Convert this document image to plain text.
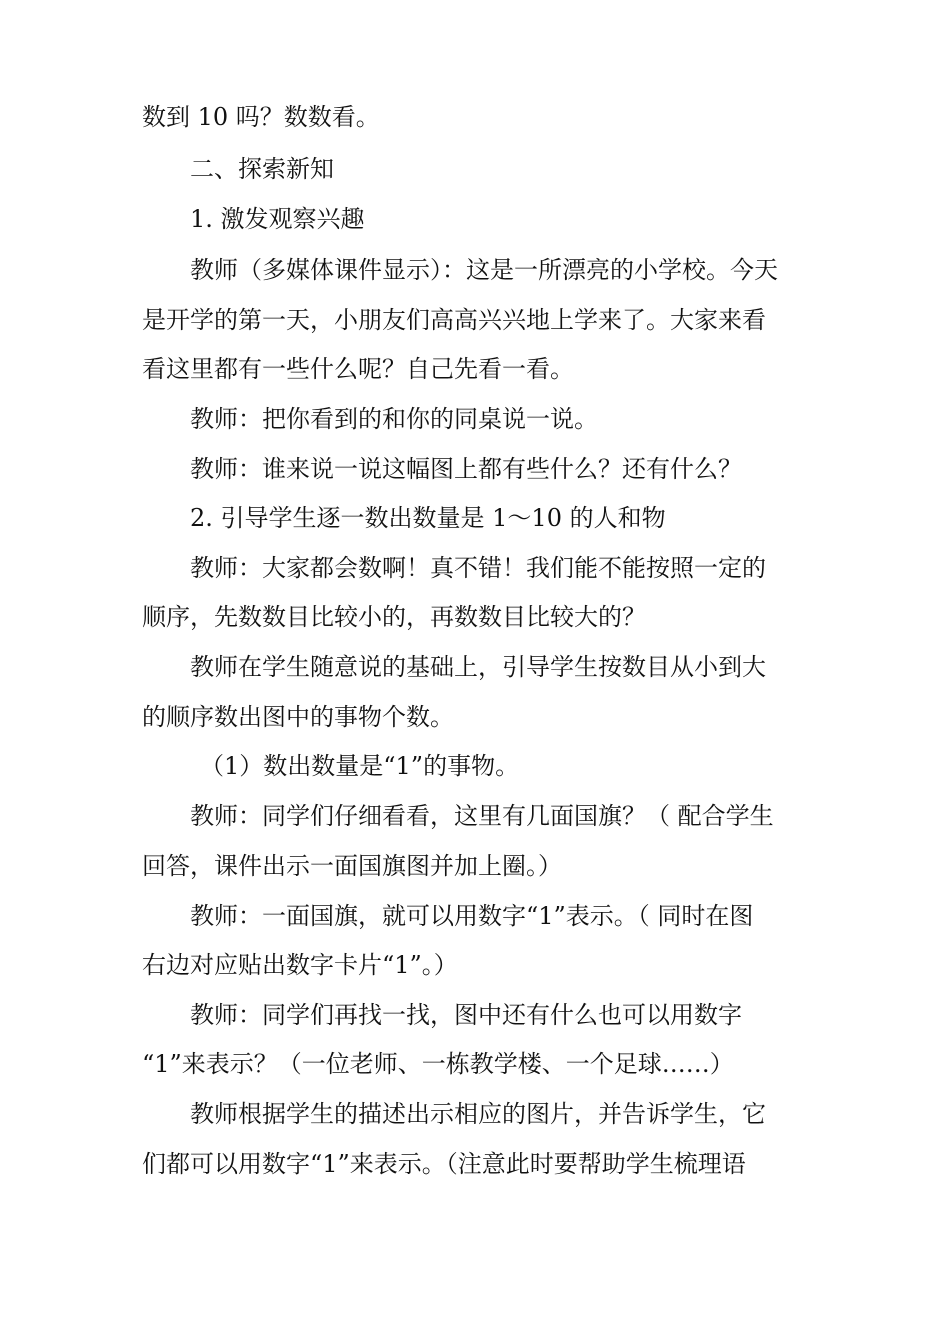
数到 10 吗？数数看。
二、探索新知
1. 激发观察兴趣
教师（多媒体课件显示）：这是一所漂亮的小学校。今天
是开学的第一天，小朋友们高高兴兴地上学来了。大家来看
看这里都有一些什么呢？自己先看一看。
教师：把你看到的和你的同桌说一说。
教师：谁来说一说这幅图上都有些什么？还有什么？
2. 引导学生逐一数出数量是 1～10 的人和物
教师：大家都会数啊！真不错！我们能不能按照一定的
顺序，先数数目比较小的，再数数目比较大的？
教师在学生随意说的基础上，引导学生按数目从小到大
的顺序数出图中的事物个数。
（1）数出数量是“1”的事物。
教师：同学们仔细看看，这里有几面国旗？（ 配合学生
回答，课件出示一面国旗图并加上圈。）
教师：一面国旗，就可以用数字“1”表示。（ 同时在图
右边对应贴出数字卡片“1”。）
教师：同学们再找一找，图中还有什么也可以用数字
“1”来表示？（一位老师、一栋教学楼、一个足球……）
教师根据学生的描述出示相应的图片，并告诉学生，它
们都可以用数字“1”来表示。（注意此时要帮助学生梳理语
